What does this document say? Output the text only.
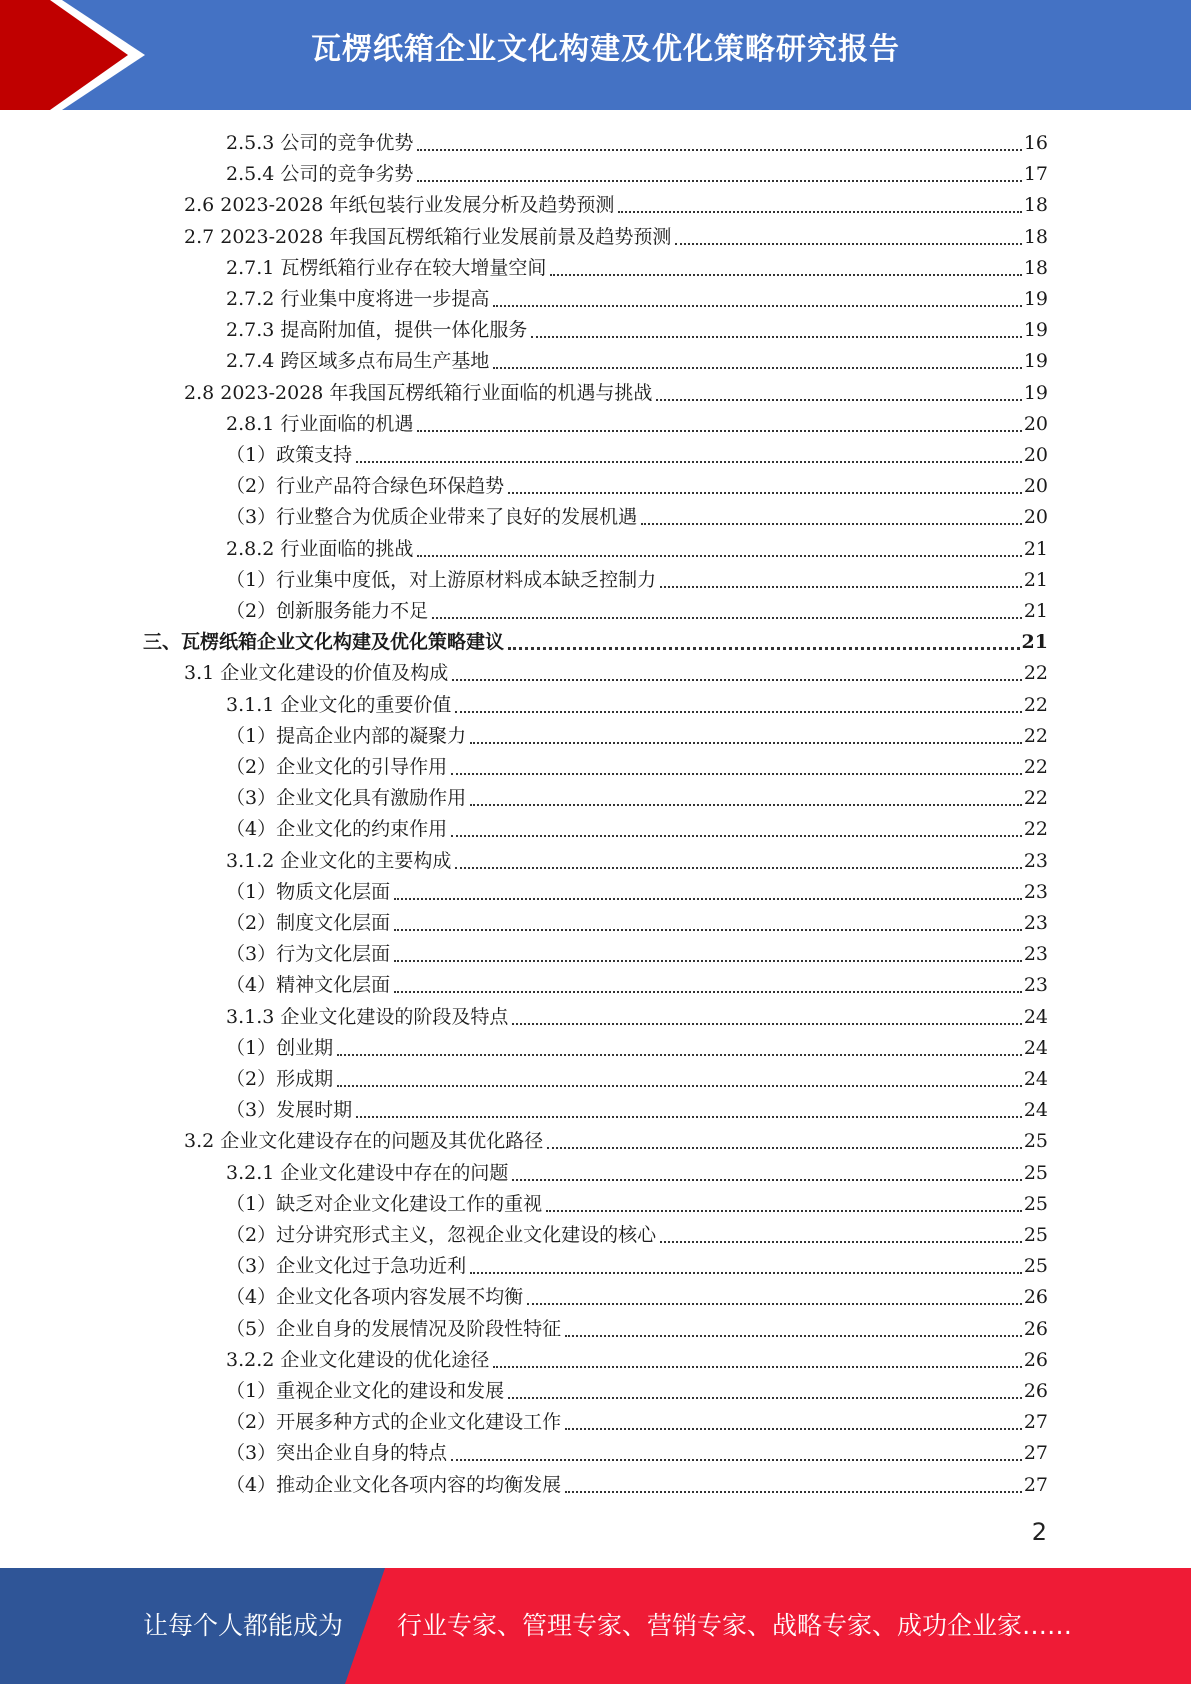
瓦楞纸箱企业文化构建及优化策略研究报告
2.5.3 公司的竞争优势	16
2.5.4 公司的竞争劣势	17
2.6 2023-2028 年纸包装行业发展分析及趋势预测	18
2.7 2023-2028 年我国瓦楞纸箱行业发展前景及趋势预测	18
2.7.1 瓦楞纸箱行业存在较大增量空间	18
2.7.2 行业集中度将进一步提高	19
2.7.3 提高附加值，提供一体化服务	19
2.7.4 跨区域多点布局生产基地	19
2.8 2023-2028 年我国瓦楞纸箱行业面临的机遇与挑战	19
2.8.1 行业面临的机遇	20
（1）政策支持	20
（2）行业产品符合绿色环保趋势	20
（3）行业整合为优质企业带来了良好的发展机遇	20
2.8.2 行业面临的挑战	21
（1）行业集中度低，对上游原材料成本缺乏控制力	21
（2）创新服务能力不足	21
三、瓦楞纸箱企业文化构建及优化策略建议	21
3.1 企业文化建设的价值及构成	22
3.1.1 企业文化的重要价值	22
（1）提高企业内部的凝聚力	22
（2）企业文化的引导作用	22
（3）企业文化具有激励作用	22
（4）企业文化的约束作用	22
3.1.2 企业文化的主要构成	23
（1）物质文化层面	23
（2）制度文化层面	23
（3）行为文化层面	23
（4）精神文化层面	23
3.1.3 企业文化建设的阶段及特点	24
（1）创业期	24
（2）形成期	24
（3）发展时期	24
3.2 企业文化建设存在的问题及其优化路径	25
3.2.1 企业文化建设中存在的问题	25
（1）缺乏对企业文化建设工作的重视	25
（2）过分讲究形式主义，忽视企业文化建设的核心	25
（3）企业文化过于急功近利	25
（4）企业文化各项内容发展不均衡	26
（5）企业自身的发展情况及阶段性特征	26
3.2.2 企业文化建设的优化途径	26
（1）重视企业文化的建设和发展	26
（2）开展多种方式的企业文化建设工作	27
（3）突出企业自身的特点	27
（4）推动企业文化各项内容的均衡发展	27
2
让每个人都能成为 行业专家、管理专家、营销专家、战略专家、成功企业家……
